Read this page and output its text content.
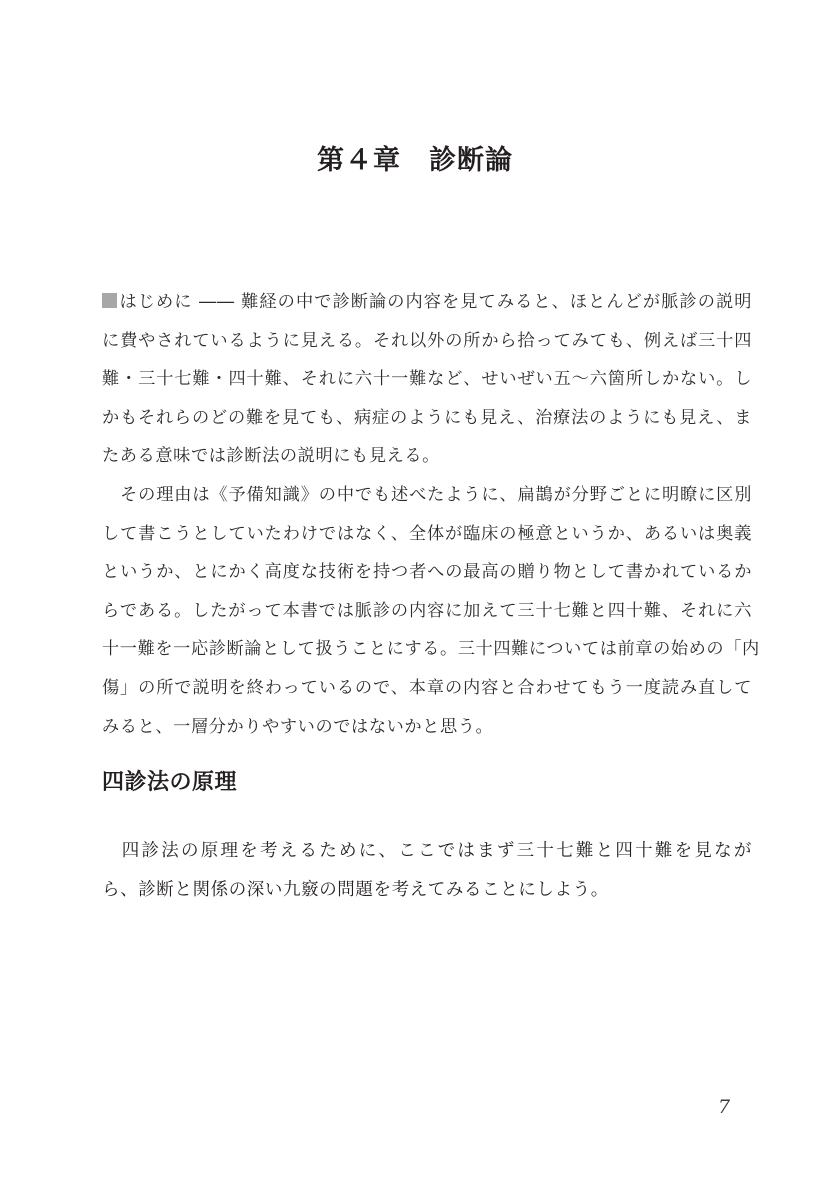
第４章　診断論

はじめに ―― 難経の中で診断論の内容を見てみると、ほとんどが脈診の説明
に費やされているように見える。それ以外の所から拾ってみても、例えば三十四
難・三十七難・四十難、それに六十一難など、せいぜい五〜六箇所しかない。し
かもそれらのどの難を見ても、病症のようにも見え、治療法のようにも見え、ま
たある意味では診断法の説明にも見える。

　その理由は《予備知識》の中でも述べたように、扁鵲が分野ごとに明瞭に区別
して書こうとしていたわけではなく、全体が臨床の極意というか、あるいは奥義
というか、とにかく高度な技術を持つ者への最高の贈り物として書かれているか
らである。したがって本書では脈診の内容に加えて三十七難と四十難、それに六
十一難を一応診断論として扱うことにする。三十四難については前章の始めの「内
傷」の所で説明を終わっているので、本章の内容と合わせてもう一度読み直して
みると、一層分かりやすいのではないかと思う。

四診法の原理
　四診法の原理を考えるために、ここではまず三十七難と四十難を見なが
ら、診断と関係の深い九竅の問題を考えてみることにしよう。
7
